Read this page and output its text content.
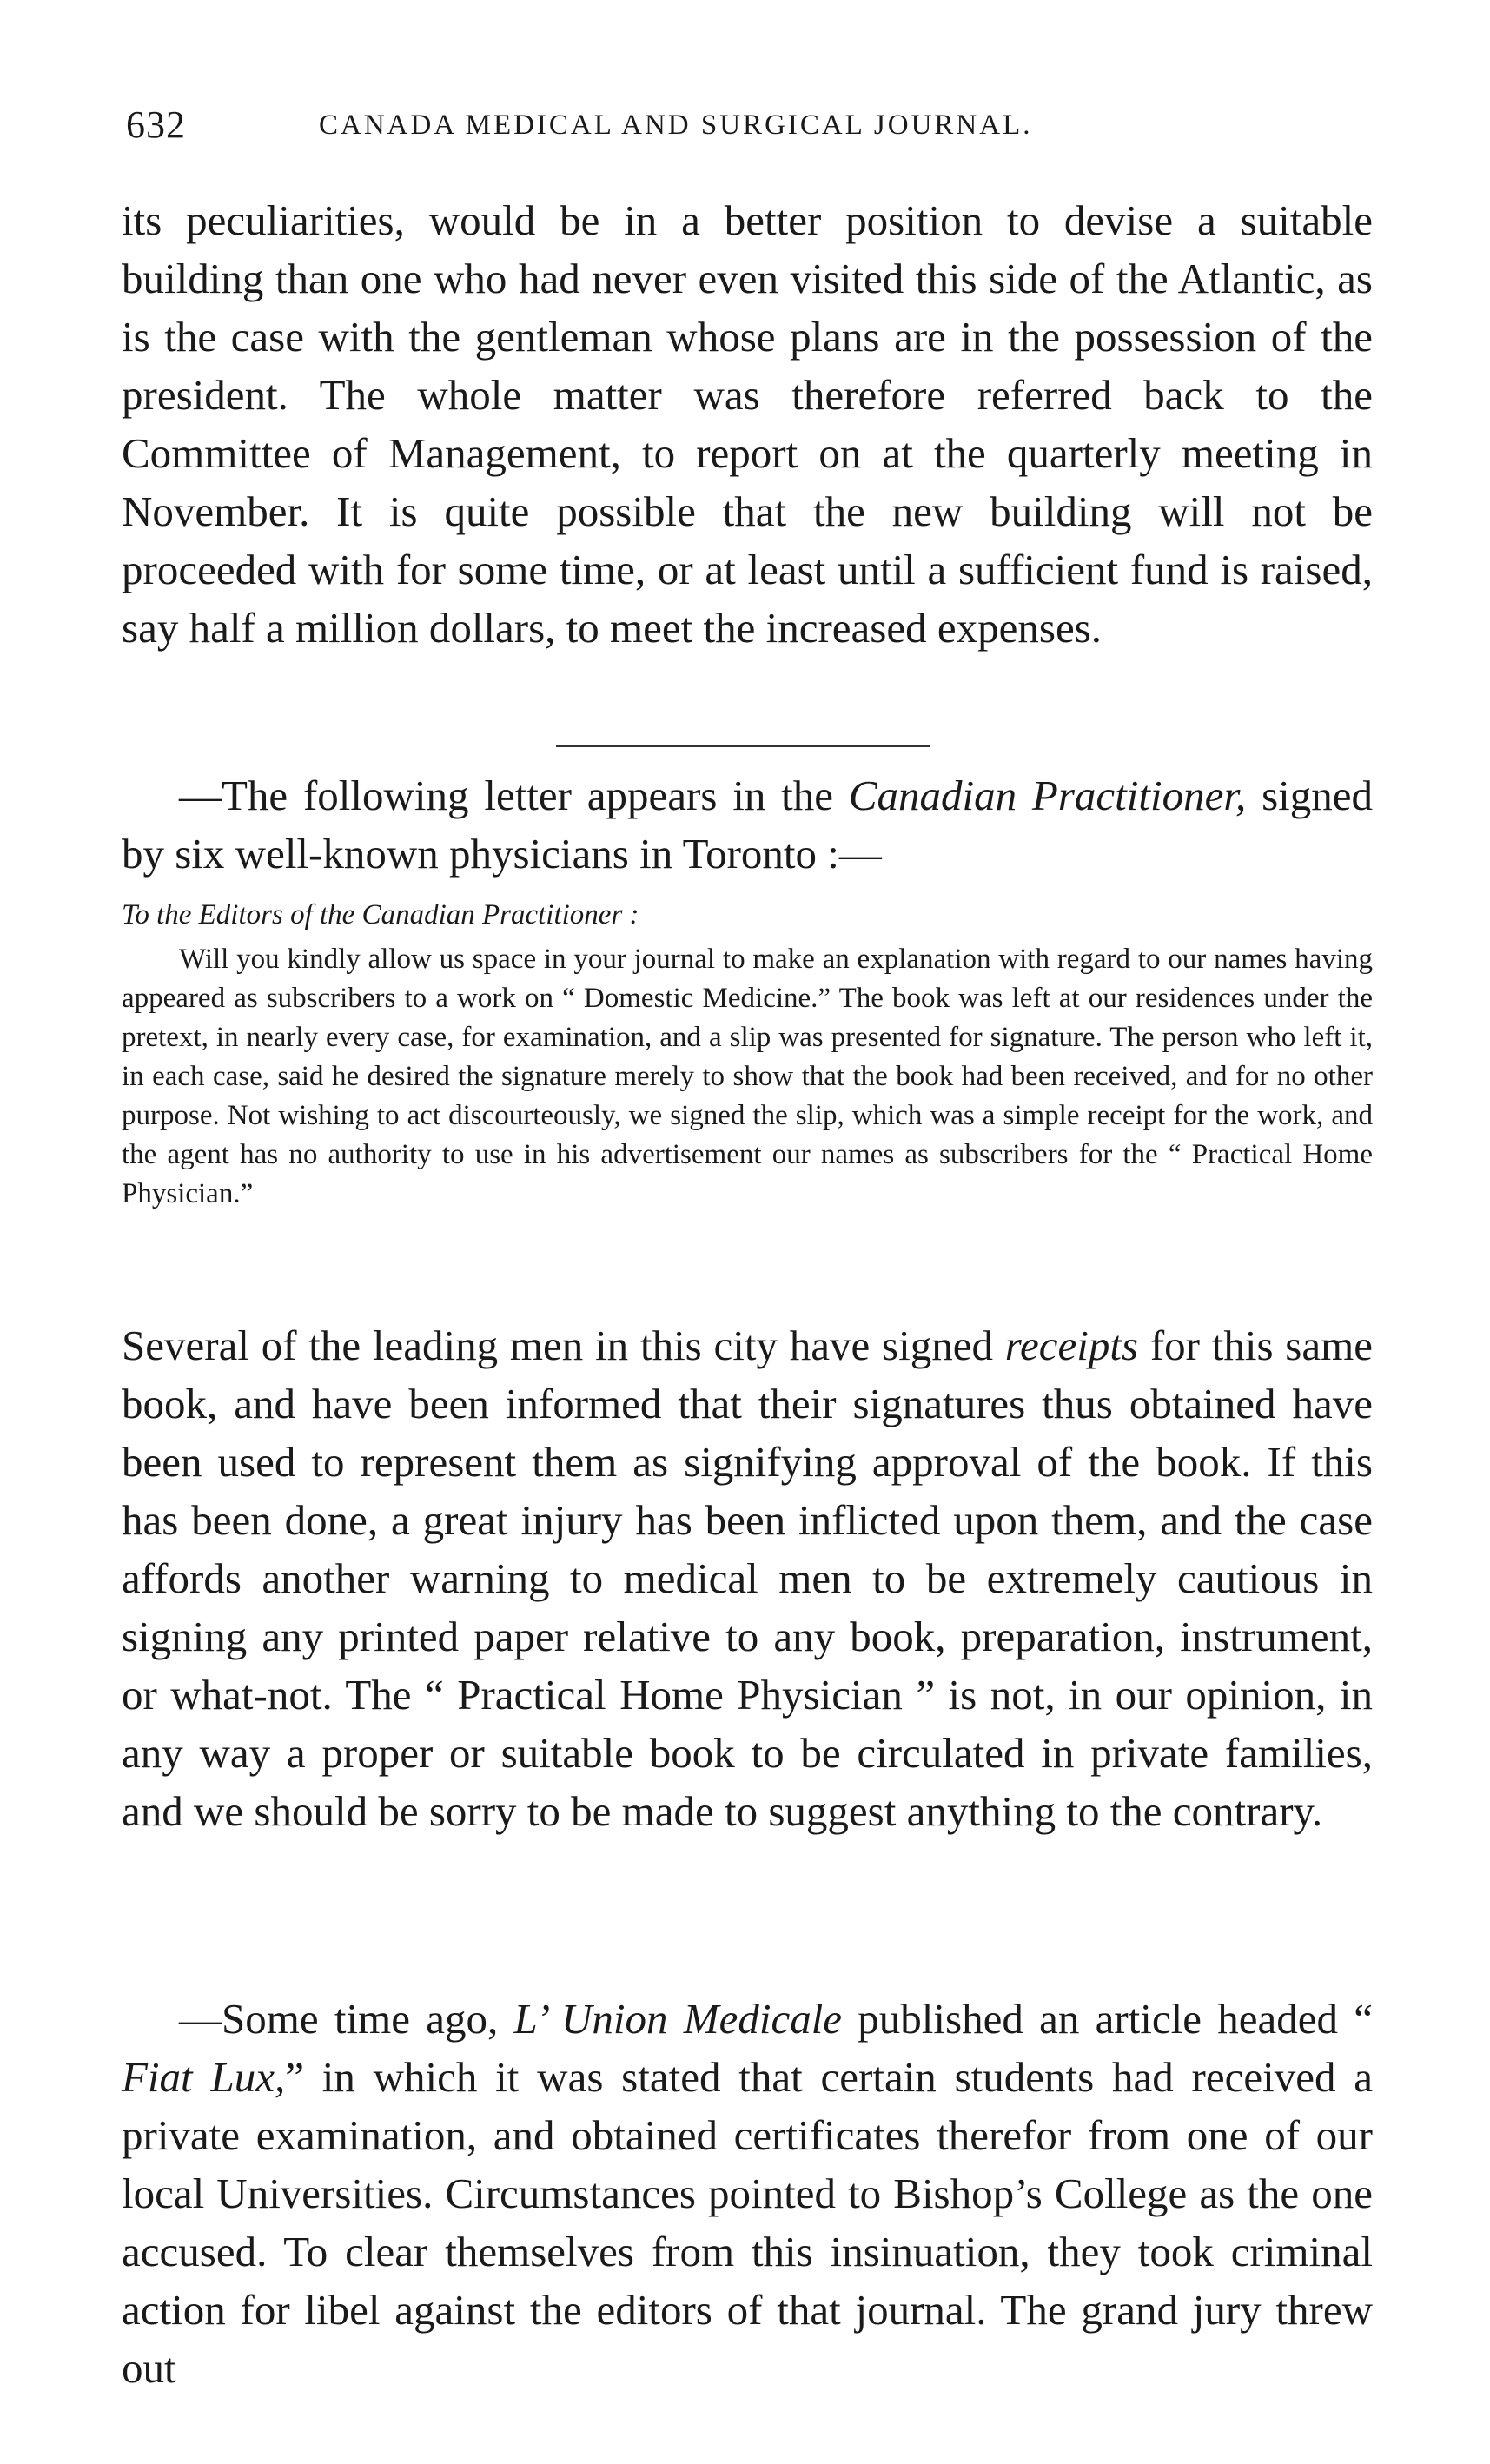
632	CANADA MEDICAL AND SURGICAL JOURNAL.

its peculiarities, would be in a better position to devise a suitable building than one who had never even visited this side of the Atlantic, as is the case with the gentleman whose plans are in the possession of the president. The whole matter was therefore referred back to the Committee of Management, to report on at the quarterly meeting in November. It is quite possible that the new building will not be proceeded with for some time, or at least until a sufficient fund is raised, say half a million dollars, to meet the increased expenses.

—The following letter appears in the Canadian Practitioner, signed by six well-known physicians in Toronto :—

To the Editors of the Canadian Practitioner :

Will you kindly allow us space in your journal to make an explanation with regard to our names having appeared as subscribers to a work on “ Domestic Medicine.” The book was left at our residences under the pretext, in nearly every case, for examination, and a slip was presented for signature. The person who left it, in each case, said he desired the signature merely to show that the book had been received, and for no other purpose. Not wishing to act discourteously, we signed the slip, which was a simple receipt for the work, and the agent has no authority to use in his advertisement our names as subscribers for the “ Practical Home Physician.”

Several of the leading men in this city have signed receipts for this same book, and have been informed that their signatures thus obtained have been used to represent them as signifying approval of the book. If this has been done, a great injury has been inflicted upon them, and the case affords another warning to medical men to be extremely cautious in signing any printed paper relative to any book, preparation, instrument, or what-not. The “ Practical Home Physician ” is not, in our opinion, in any way a proper or suitable book to be circulated in private families, and we should be sorry to be made to suggest anything to the contrary.

—Some time ago, L’ Union Medicale published an article headed “ Fiat Lux,” in which it was stated that certain students had received a private examination, and obtained certificates therefor from one of our local Universities. Circumstances pointed to Bishop’s College as the one accused. To clear themselves from this insinuation, they took criminal action for libel against the editors of that journal. The grand jury threw out
